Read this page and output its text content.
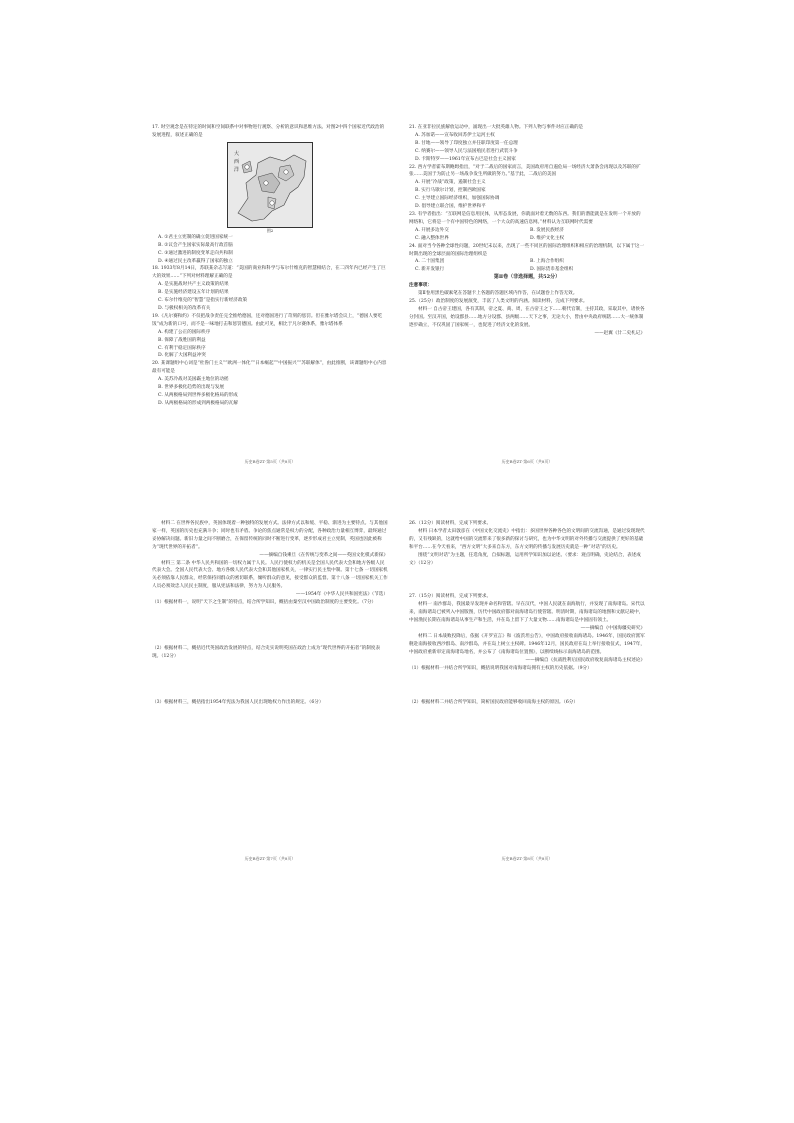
17. 时空观念是在特定的时间和空间联系中对事物进行观察、分析的意识和思维方法。对图2中四个国家近代政治的发展进程，叙述正确的是

大
西
洋

图2

A. ①君主立宪制的确立促进国家统一

B. ②议会产生国家实际最高行政首脑

C. ③通过激进的制度变革走向共和制

D. ④通过民主改革赢得了国家的独立

18. 1933年8月14日，苏联某杂志写道：“美国的商业和科学与布尔什维克的智慧相结合，在二四年内已经产生了巨大的效果……”下列对材料理解正确的是

A. 是实施战时共产主义政策的结果

B. 是实施经济建设五年计划的结果

C. 布尔什维克的“智慧”是指实行新经济政策

D. 与极权相关的改革有关

19.《凡尔赛和约》不仅把战争责任完全推给德国，还对德国进行了苛刻的惩罚。但在雅尔塔会议上，“德国人要吃饭”成为新的口号，而不是一味地打击和惩罚德国。由此可见，相比于凡尔赛体系，雅尔塔体系

A. 构建了公正的国际秩序

B. 保障了战胜国的利益

C. 有利于稳定国际秩序

D. 化解了大国利益冲突

20. 某课题组中心词是“杜鲁门主义”“欧洲一体化”“日本崛起”“中国振兴”“苏联解体”，由此推断，该课题组中心内容最有可能是

A. 美苏冷战对美国霸主地位的动摇

B. 世界多极化趋势的出现与发展

C. 从两极格局到世界多极化格局的形成

D. 从两极格局的形成到两极格局的瓦解

历史B卷ZT·第5页（共8页）

21. 在亚非拉民族解放运动中，涌现出一大批英雄人物。下列人物与事件对应正确的是

A. 苏加诺——宣布收回苏伊士运河主权

B. 甘地——领导了印度独立并任职印度第一任总理

C. 纳赛尔——领导人民与法国殖民者进行武装斗争

D. 卡斯特罗——1961年宣布古巴是社会主义国家

22. 西方学者霍布斯鲍姆指出，“对于二战后的国家而言，美国政府用自遏危局一场经济大萧条会再现以及苏联的扩张……美国于为防止另一场战争发生所做的努力。”基于此，二战后的美国

A. 开展“冷战”政策，遏制社会主义

B. 实行马歇尔计划，控制西欧国家

C. 主导建立国际经济组织，加强国际协调

D. 倡导建立联合国，维护世界和平

23. 有学者指出：“互联网是信息用民体，从形态发展，你就面对着无数的东西。我们的潜能就是在发明一个开放的网络和，它将是一个有中国特色的网络，一个大众的高速信息网。”材料认为互联网时代需要

A. 开展多边外交	B. 发展民族经济
C. 融入整体世界	D. 维护文化主权

24. 面对当今各种全球性问题，20世纪末以来，出现了一些不同区的国际治理组织和相应的治理机制，以下属于这一时期出现的全球层面的国际治理组织是

A. 二十国集团	B. 上海合作组织
C. 新开发银行	D. 国际货币基金组织

第Ⅱ卷（非选择题，共52分）

注意事项：

第Ⅱ卷用黑色碳素笔在答题卡上各题的答题区域内作答，在试题卷上作答无效。

25.（25分）政治制度的发展演变，丰富了人类文明的内涵。阅读材料，完成下列要求。

材料一 自古帝王建国，各有其制，帝之夏、商、周，在古帝王之下……朝代官制，主持其政，采取其中，诸侯各分封国。至汉开国，始设郡县……地方分设郡、县两级……天下之事，无论大小，皆由中央政府统辖……大一统体制逐步确立，不仅巩固了国家统一，也促进了经济文化的发展。

——赵翼《廿二史札记》

历史B卷ZT·第6页（共8页）

材料二 在世界各民族中，英国体现着一种独特的发展方式。法律方式以和缓、平稳、渐进为主要特点。与其他国家一样，英国的历史也充满斗争；同时也有矛盾。争论的焦点通常是权力的分配，各种政治力量相互博弈，最终通过妥协解决问题。新旧力量之间不断磨合，在保留传统的同时不断进行变革，逐步形成君主立宪制，英国也因此被称为“现代世界的开拓者”。

——摘编自钱乘旦《在传统与变革之间——英国文化模式新探》

材料三 第二条 中华人民共和国的一切权力属于人民。人民行使权力的机关是全国人民代表大会和地方各级人民代表大会。全国人民代表大会、地方各级人民代表大会和其他国家机关，一律实行民主集中制。第十七条 一切国家机关必须依靠人民群众，经常保持同群众的密切联系，倾听群众的意见，接受群众的监督。第十八条 一切国家机关工作人员必须效忠人民民主制度，服从宪法和法律，努力为人民服务。

——1954年《中华人民共和国宪法》（节选）

（1）根据材料一，说明“天下之生制”的特点，结合所学知识，概括由秦至汉中国政治制度的主要变化。（7分）

（2）根据材料二，概括近代英国政治发展的特点，结合史实说明英国在政治上成为“现代世界的开拓者”的制度表现。（12分）

（3）根据材料三，概括指出1954年宪法为我国人民出现地权力作出的规定。（6分）

历史B卷ZT·第7页（共8页）

26.（12分）阅读材料，完成下列要求。

材料 日本学者太田敦彦在《中国文化交流史》中指出：多国世界各种各色的文明间的交流沟通，是通过发现现代的，又有残缺的，这就给中国的交流带来了很多新的探讨与研究，也为中华文明的对外传播与交流提供了更好的基础和平台……在今天看来，“西方文明”大多来自东方，东方文明的传播与发展历史就是一种“对话”的历史。

围绕“文明对话”为主题，任选角度，自拟标题，运用所学知识加以论述。（要求：观点明确，史论结合，表述成文）（12分）

27.（15分）阅读材料，完成下列要求。

材料一 南沙群岛，我国最早发现并命名和管辖。早在汉代，中国人民就在南海航行，并发现了南海诸岛。宋代以来，南海诸岛已被列入中国版图，历代中国政府都对南海诸岛行使管辖。明清时期，南海诸岛的地图和文献记载中，中国渔民长期在南海诸岛从事生产和生活，并在岛上留下了大量文物……南海诸岛是中国固有领土。

——摘编自《中国海疆史研究》

材料二 日本战败投降后，依据《开罗宣言》和《波茨坦公告》，中国政府接收南海诸岛。1946年，国民政府派军舰赴南海接收西沙群岛、南沙群岛，并在岛上树立主权碑。1946年12月，国民政府在岛上举行接收仪式，1947年，中国政府重新审定南海诸岛地名，并公布了《南海诸岛位置图》，以断续线标示南海诸岛的范围。

——摘编自《抗战胜利后国民政府收复南海诸岛主权述论》

（1）根据材料一并结合所学知识，概括说明我国对南海诸岛拥有主权的历史依据。（9分）

（2）根据材料二并结合所学知识，简析国民政府能够收回南海主权的原因。（6分）

历史B卷ZT·第8页（共8页）
